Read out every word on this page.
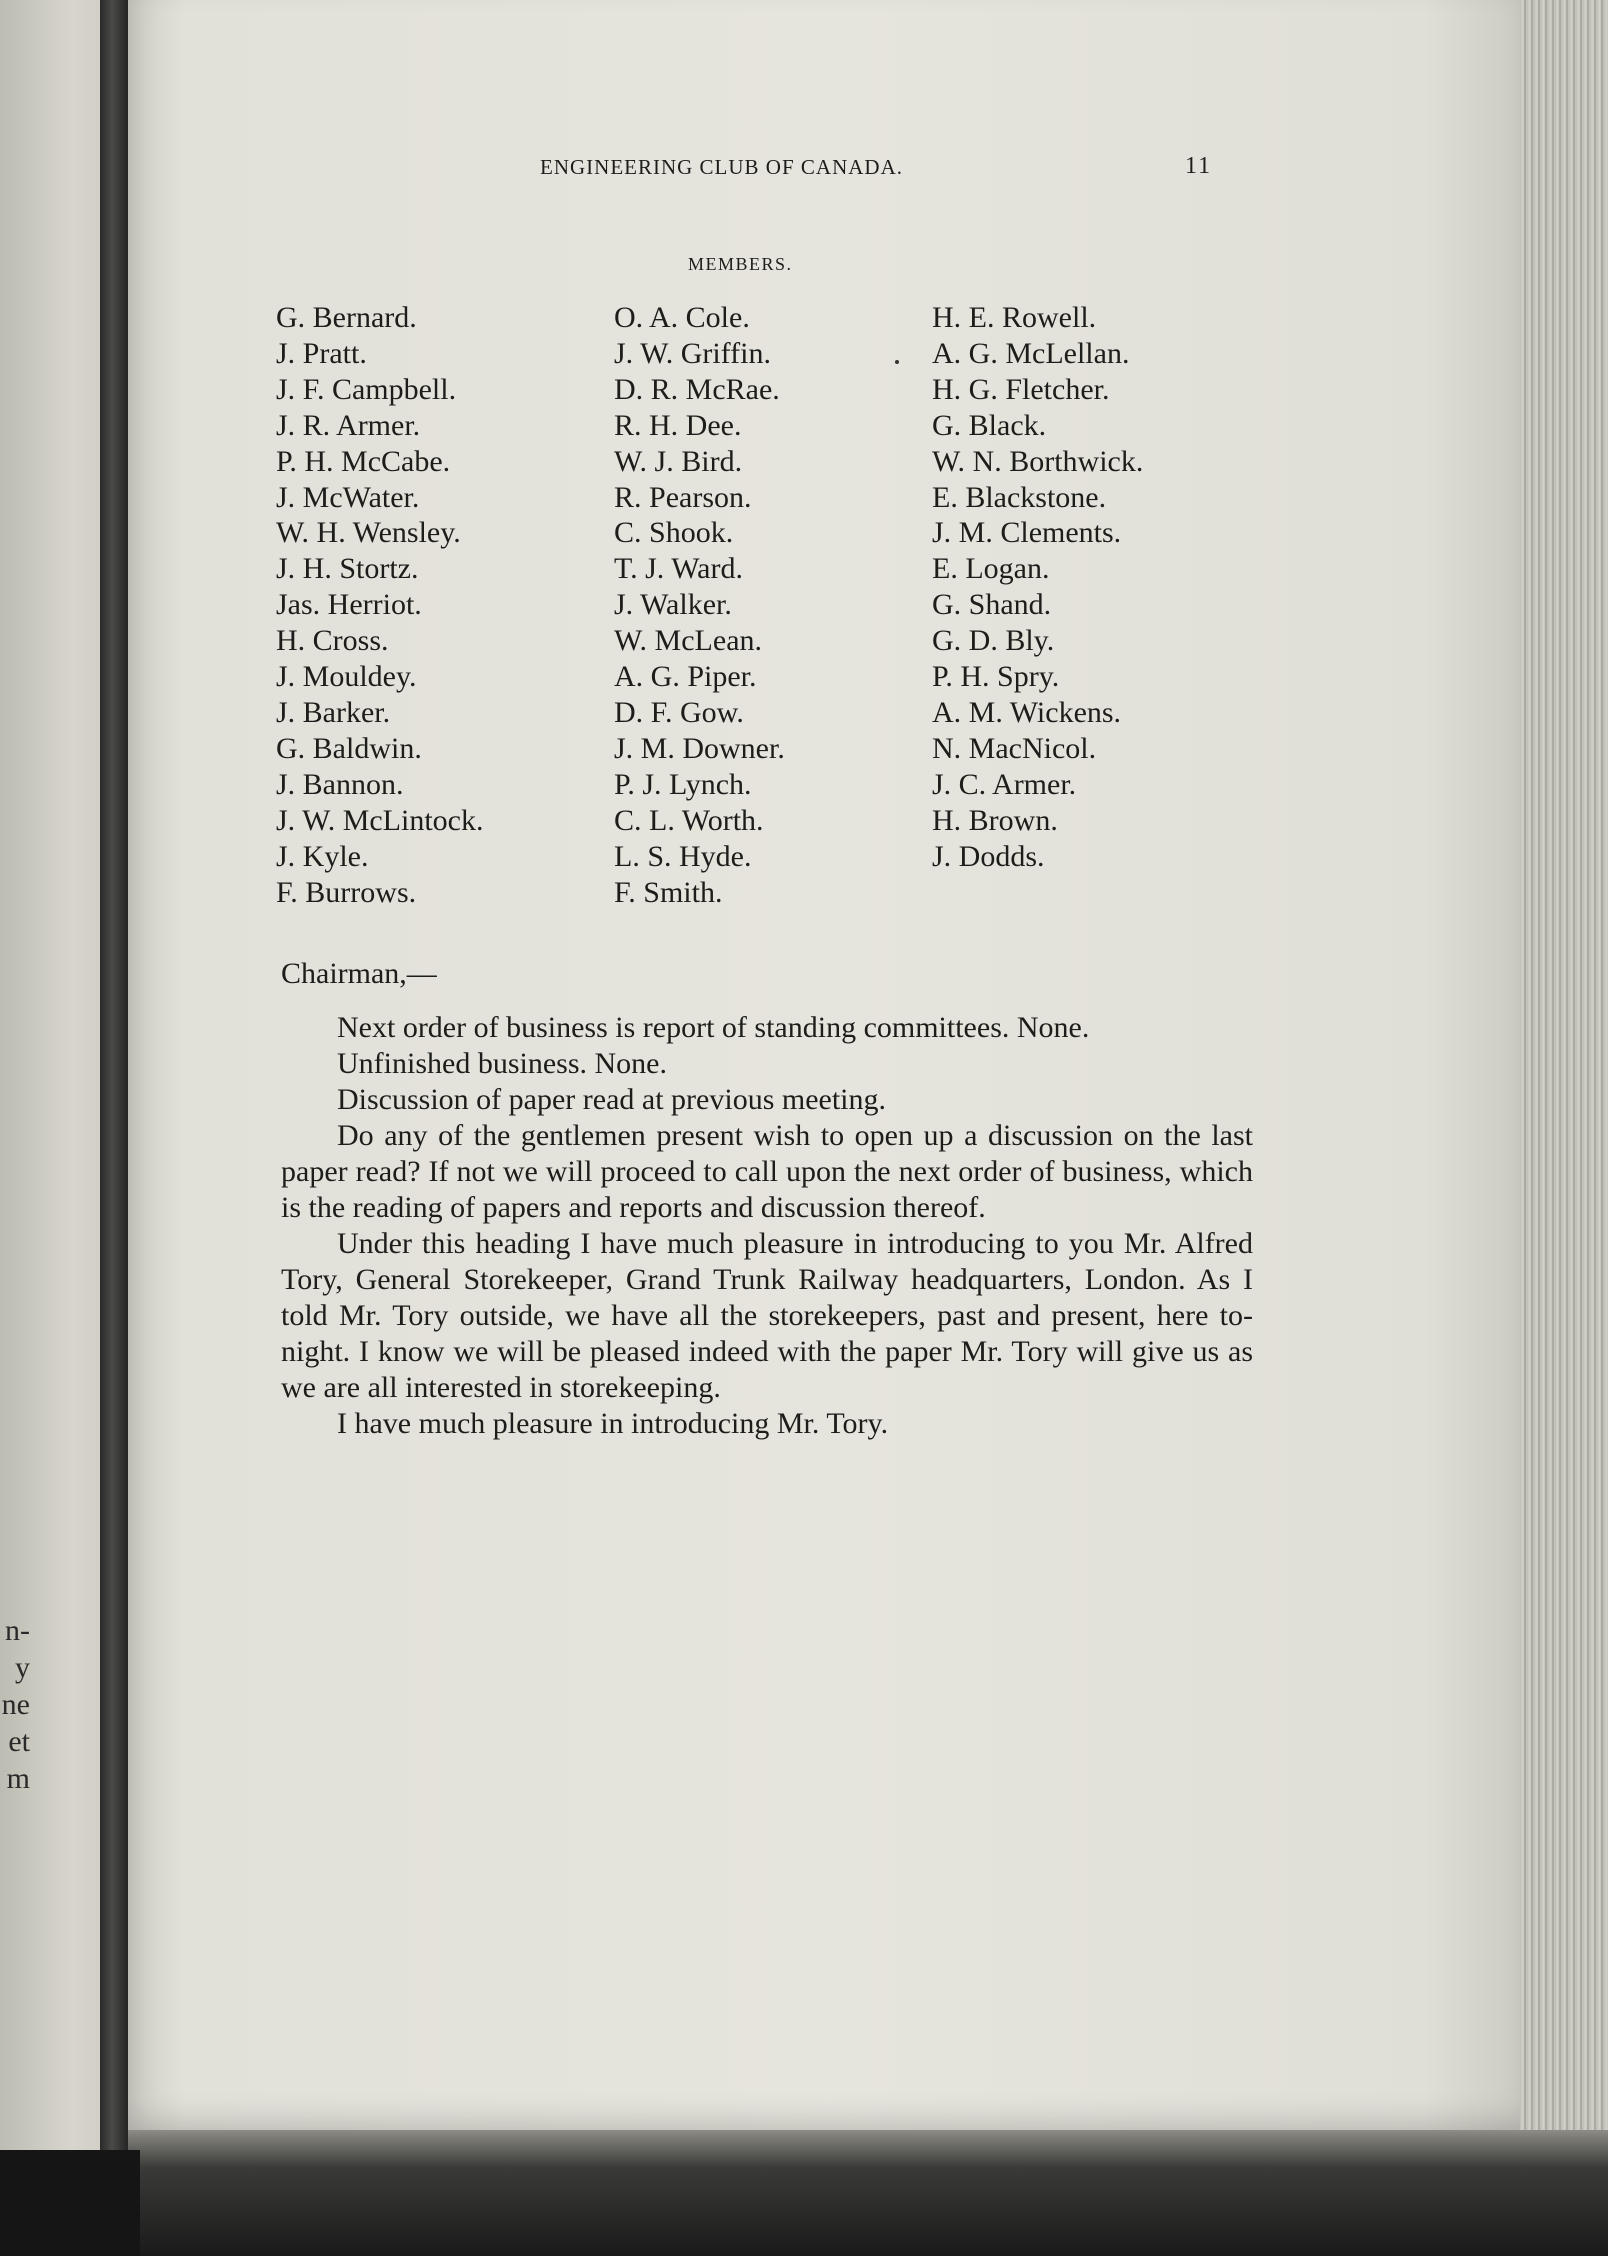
n-
y
ne
et
m
ENGINEERING CLUB OF CANADA.	11
MEMBERS.
G. Bernard.
J. Pratt.
J. F. Campbell.
J. R. Armer.
P. H. McCabe.
J. McWater.
W. H. Wensley.
J. H. Stortz.
Jas. Herriot.
H. Cross.
J. Mouldey.
J. Barker.
G. Baldwin.
J. Bannon.
J. W. McLintock.
J. Kyle.
F. Burrows.
O. A. Cole.
J. W. Griffin.
D. R. McRae.
R. H. Dee.
W. J. Bird.
R. Pearson.
C. Shook.
T. J. Ward.
J. Walker.
W. McLean.
A. G. Piper.
D. F. Gow.
J. M. Downer.
P. J. Lynch.
C. L. Worth.
L. S. Hyde.
F. Smith.
H. E. Rowell.
A. G. McLellan.
H. G. Fletcher.
G. Black.
W. N. Borthwick.
E. Blackstone.
J. M. Clements.
E. Logan.
G. Shand.
G. D. Bly.
P. H. Spry.
A. M. Wickens.
N. MacNicol.
J. C. Armer.
H. Brown.
J. Dodds.

Chairman,—

Next order of business is report of standing committees. None.

Unfinished business. None.

Discussion of paper read at previous meeting.

Do any of the gentlemen present wish to open up a discussion on the last paper read? If not we will proceed to call upon the next order of business, which is the reading of papers and reports and discussion thereof.

Under this heading I have much pleasure in introducing to you Mr. Alfred Tory, General Storekeeper, Grand Trunk Railway headquarters, London. As I told Mr. Tory outside, we have all the storekeepers, past and present, here to-night. I know we will be pleased indeed with the paper Mr. Tory will give us as we are all interested in storekeeping.

I have much pleasure in introducing Mr. Tory.
